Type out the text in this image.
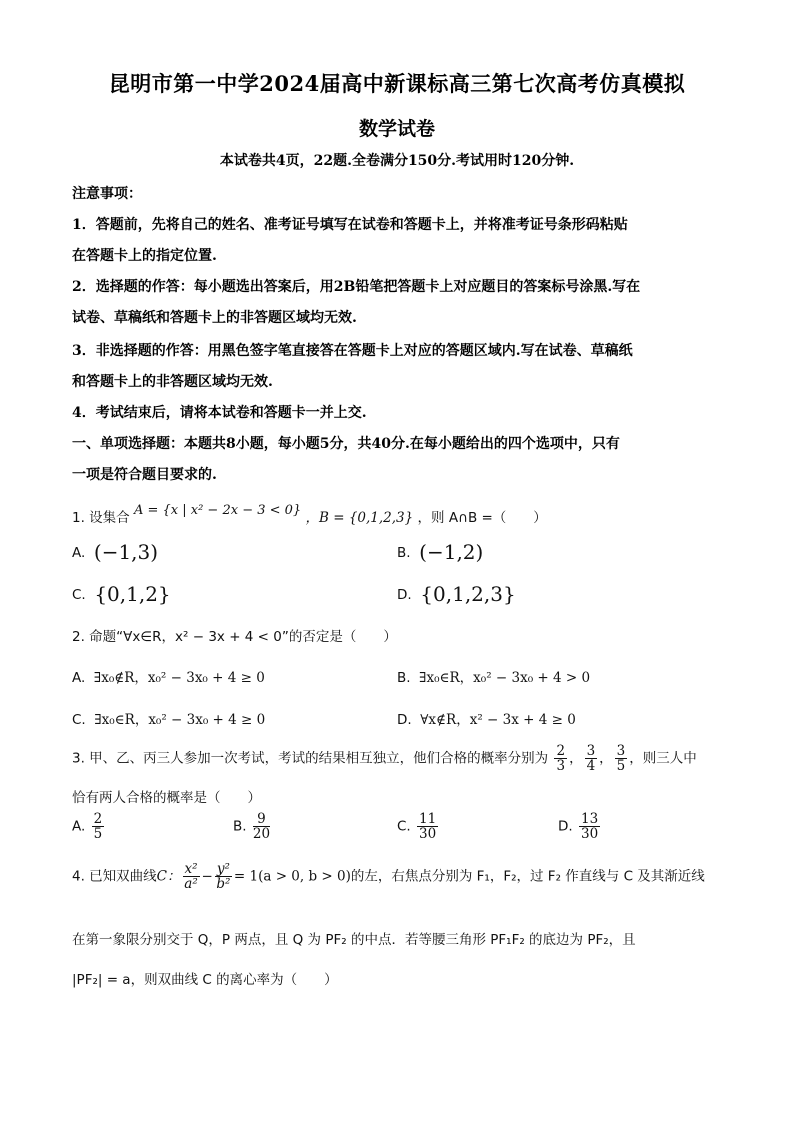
昆明市第一中学2024届高中新课标高三第七次高考仿真模拟
数学试卷
本试卷共4页，22题.全卷满分150分.考试用时120分钟.
注意事项：
1．答题前，先将自己的姓名、准考证号填写在试卷和答题卡上，并将准考证号条形码粘贴
在答题卡上的指定位置.
2．选择题的作答：每小题选出答案后，用2B铅笔把答题卡上对应题目的答案标号涂黑.写在
试卷、草稿纸和答题卡上的非答题区域均无效.
3．非选择题的作答：用黑色签字笔直接答在答题卡上对应的答题区域内.写在试卷、草稿纸
和答题卡上的非答题区域均无效.
4．考试结束后，请将本试卷和答题卡一并上交.
一、单项选择题：本题共8小题，每小题5分，共40分.在每小题给出的四个选项中，只有
一项是符合题目要求的.
1. 设集合 A = {x | x² − 2x − 3 < 0} ，B = {0,1,2,3} ，则 A∩B =（　　）
A. (−1,3)	B. (−1,2)
C. {0,1,2}	D. {0,1,2,3}
2. 命题“∀x∈R，x² − 3x + 4 < 0”的否定是（　　）
A. ∃x₀∉R，x₀² − 3x₀ + 4 ≥ 0	B. ∃x₀∈R，x₀² − 3x₀ + 4 > 0
C. ∃x₀∈R，x₀² − 3x₀ + 4 ≥ 0	D. ∀x∉R，x² − 3x + 4 ≥ 0
3. 甲、乙、丙三人参加一次考试，考试的结果相互独立，他们合格的概率分别为 $\frac{2}{3}$ ， $\frac{3}{4}$ ， $\frac{3}{5}$ ，则三人中
恰有两人合格的概率是（　　）
A. $\frac{2}{5}$	B. $\frac{9}{20}$	C. $\frac{11}{30}$	D. $\frac{13}{30}$
4. 已知双曲线C： $\frac{\text{x²}}{\text{a²}} - \frac{\text{y²}}{\text{b²}} = 1(a > 0$, b > 0)的左，右焦点分别为 F₁，F₂，过 F₂ 作直线与 C 及其渐近线
在第一象限分别交于 Q，P 两点，且 Q 为 PF₂ 的中点．若等腰三角形 PF₁F₂ 的底边为 PF₂，且
|PF₂| = a，则双曲线 C 的离心率为（　　）
